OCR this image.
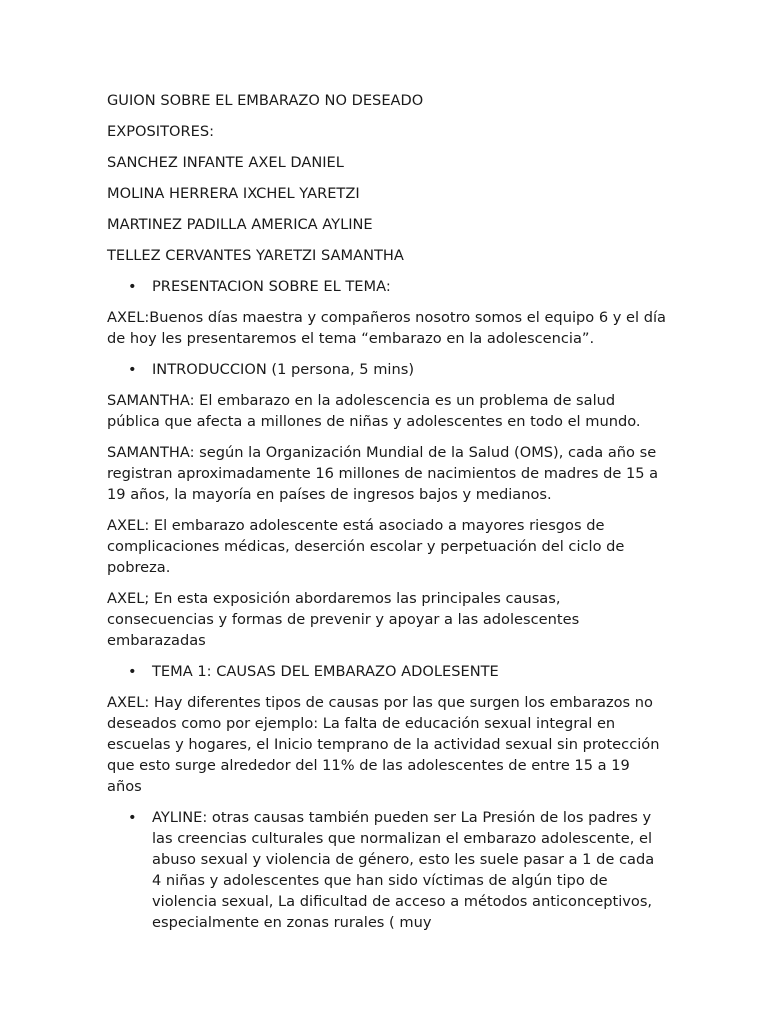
GUION SOBRE EL EMBARAZO NO DESEADO

EXPOSITORES:

SANCHEZ INFANTE AXEL DANIEL

MOLINA HERRERA IXCHEL YARETZI

MARTINEZ PADILLA AMERICA AYLINE

TELLEZ CERVANTES YARETZI SAMANTHA

• PRESENTACION SOBRE EL TEMA:

AXEL:Buenos días maestra y compañeros nosotro somos el equipo 6 y el día de hoy les presentaremos el tema “embarazo en la adolescencia”.

• INTRODUCCION (1 persona, 5 mins)

SAMANTHA: El embarazo en la adolescencia es un problema de salud pública que afecta a millones de niñas y adolescentes en todo el mundo.

SAMANTHA: según la Organización Mundial de la Salud (OMS), cada año se registran aproximadamente 16 millones de nacimientos de madres de 15 a 19 años, la mayoría en países de ingresos bajos y medianos.

AXEL: El embarazo adolescente está asociado a mayores riesgos de complicaciones médicas, deserción escolar y perpetuación del ciclo de pobreza.

AXEL; En esta exposición abordaremos las principales causas, consecuencias y formas de prevenir y apoyar a las adolescentes embarazadas

• TEMA 1: CAUSAS DEL EMBARAZO ADOLESENTE

AXEL: Hay diferentes tipos de causas por las que surgen los embarazos no deseados como por ejemplo: La falta de educación sexual integral en escuelas y hogares, el Inicio temprano de la actividad sexual sin protección que esto surge alrededor del 11% de las adolescentes de entre 15 a 19 años

• AYLINE: otras causas también pueden ser La Presión de los padres y las creencias culturales que normalizan el embarazo adolescente, el abuso sexual y violencia de género, esto les suele pasar a 1 de cada 4 niñas y adolescentes que han sido víctimas de algún tipo de violencia sexual, La dificultad de acceso a métodos anticonceptivos, especialmente en zonas rurales ( muy
